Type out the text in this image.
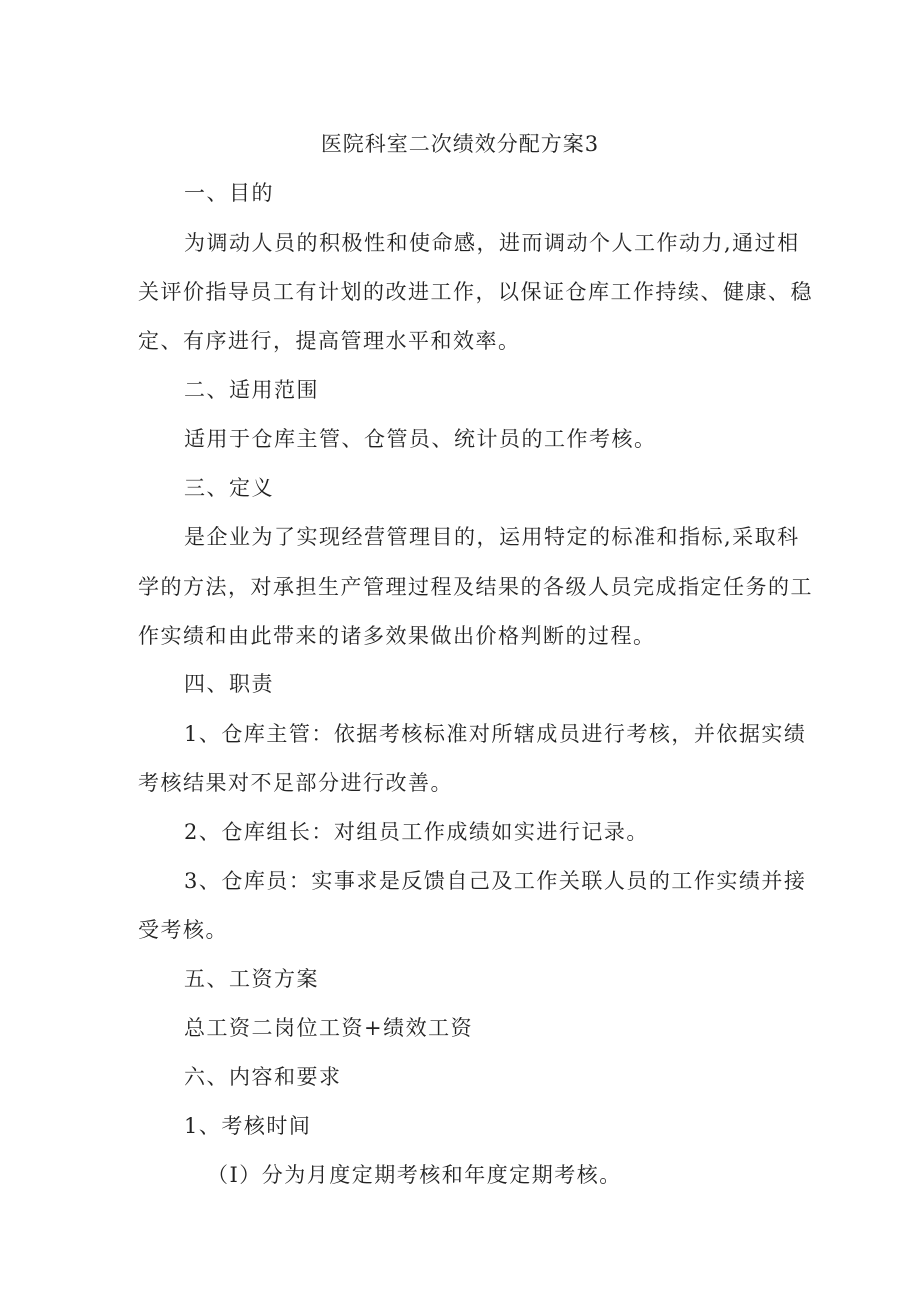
医院科室二次绩效分配方案3
一、目的
为调动人员的积极性和使命感，进而调动个人工作动力,通过相
关评价指导员工有计划的改进工作，以保证仓库工作持续、健康、稳
定、有序进行，提高管理水平和效率。
二、适用范围
适用于仓库主管、仓管员、统计员的工作考核。
三、定义
是企业为了实现经营管理目的，运用特定的标准和指标,采取科
学的方法，对承担生产管理过程及结果的各级人员完成指定任务的工
作实绩和由此带来的诸多效果做出价格判断的过程。
四、职责
1、仓库主管：依据考核标准对所辖成员进行考核，并依据实绩
考核结果对不足部分进行改善。
2、仓库组长：对组员工作成绩如实进行记录。
3、仓库员：实事求是反馈自己及工作关联人员的工作实绩并接
受考核。
五、工资方案
总工资二岗位工资+绩效工资
六、内容和要求
1、考核时间
（I）分为月度定期考核和年度定期考核。
